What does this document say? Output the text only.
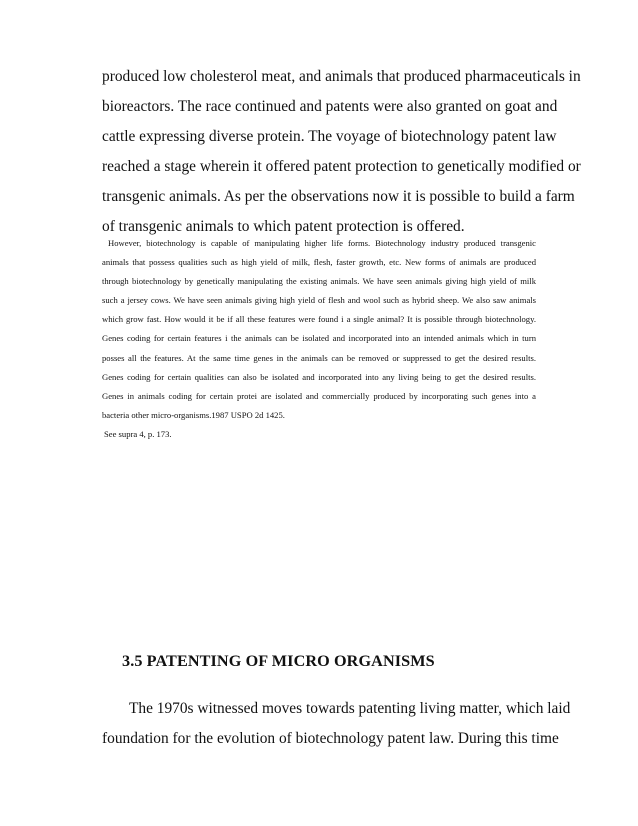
produced low cholesterol meat, and animals that produced pharmaceuticals in
bioreactors. The race continued and patents were also granted on goat and
cattle expressing diverse protein. The voyage of biotechnology patent law
reached a stage wherein it offered patent protection to genetically modified or
transgenic animals. As per the observations now it is possible to build a farm
of transgenic animals to which patent protection is offered.
However, biotechnology is capable of manipulating higher life forms. Biotechnology industry produced transgenic
animals that possess qualities such as high yield of milk, flesh, faster growth, etc. New forms of animals are produced
through biotechnology by genetically manipulating the existing animals. We have seen animals giving high yield of milk
such a jersey cows. We have seen animals giving high yield of flesh and wool such as hybrid sheep. We also saw animals
which grow fast. How would it be if all these features were found i a single animal? It is possible through biotechnology.
Genes coding for certain features i the animals can be isolated and incorporated into an intended animals which in turn
posses all the features. At the same time genes in the animals can be removed or suppressed to get the desired results.
Genes coding for certain qualities can also be isolated and incorporated into any living being to get the desired results.
Genes in animals coding for certain protei are isolated and commercially produced by incorporating such genes into a
bacteria other micro-organisms.1987 USPO 2d 1425.
See supra 4, p. 173.
3.5 PATENTING OF MICRO ORGANISMS
The 1970s witnessed moves towards patenting living matter, which laid
foundation for the evolution of biotechnology patent law. During this time
